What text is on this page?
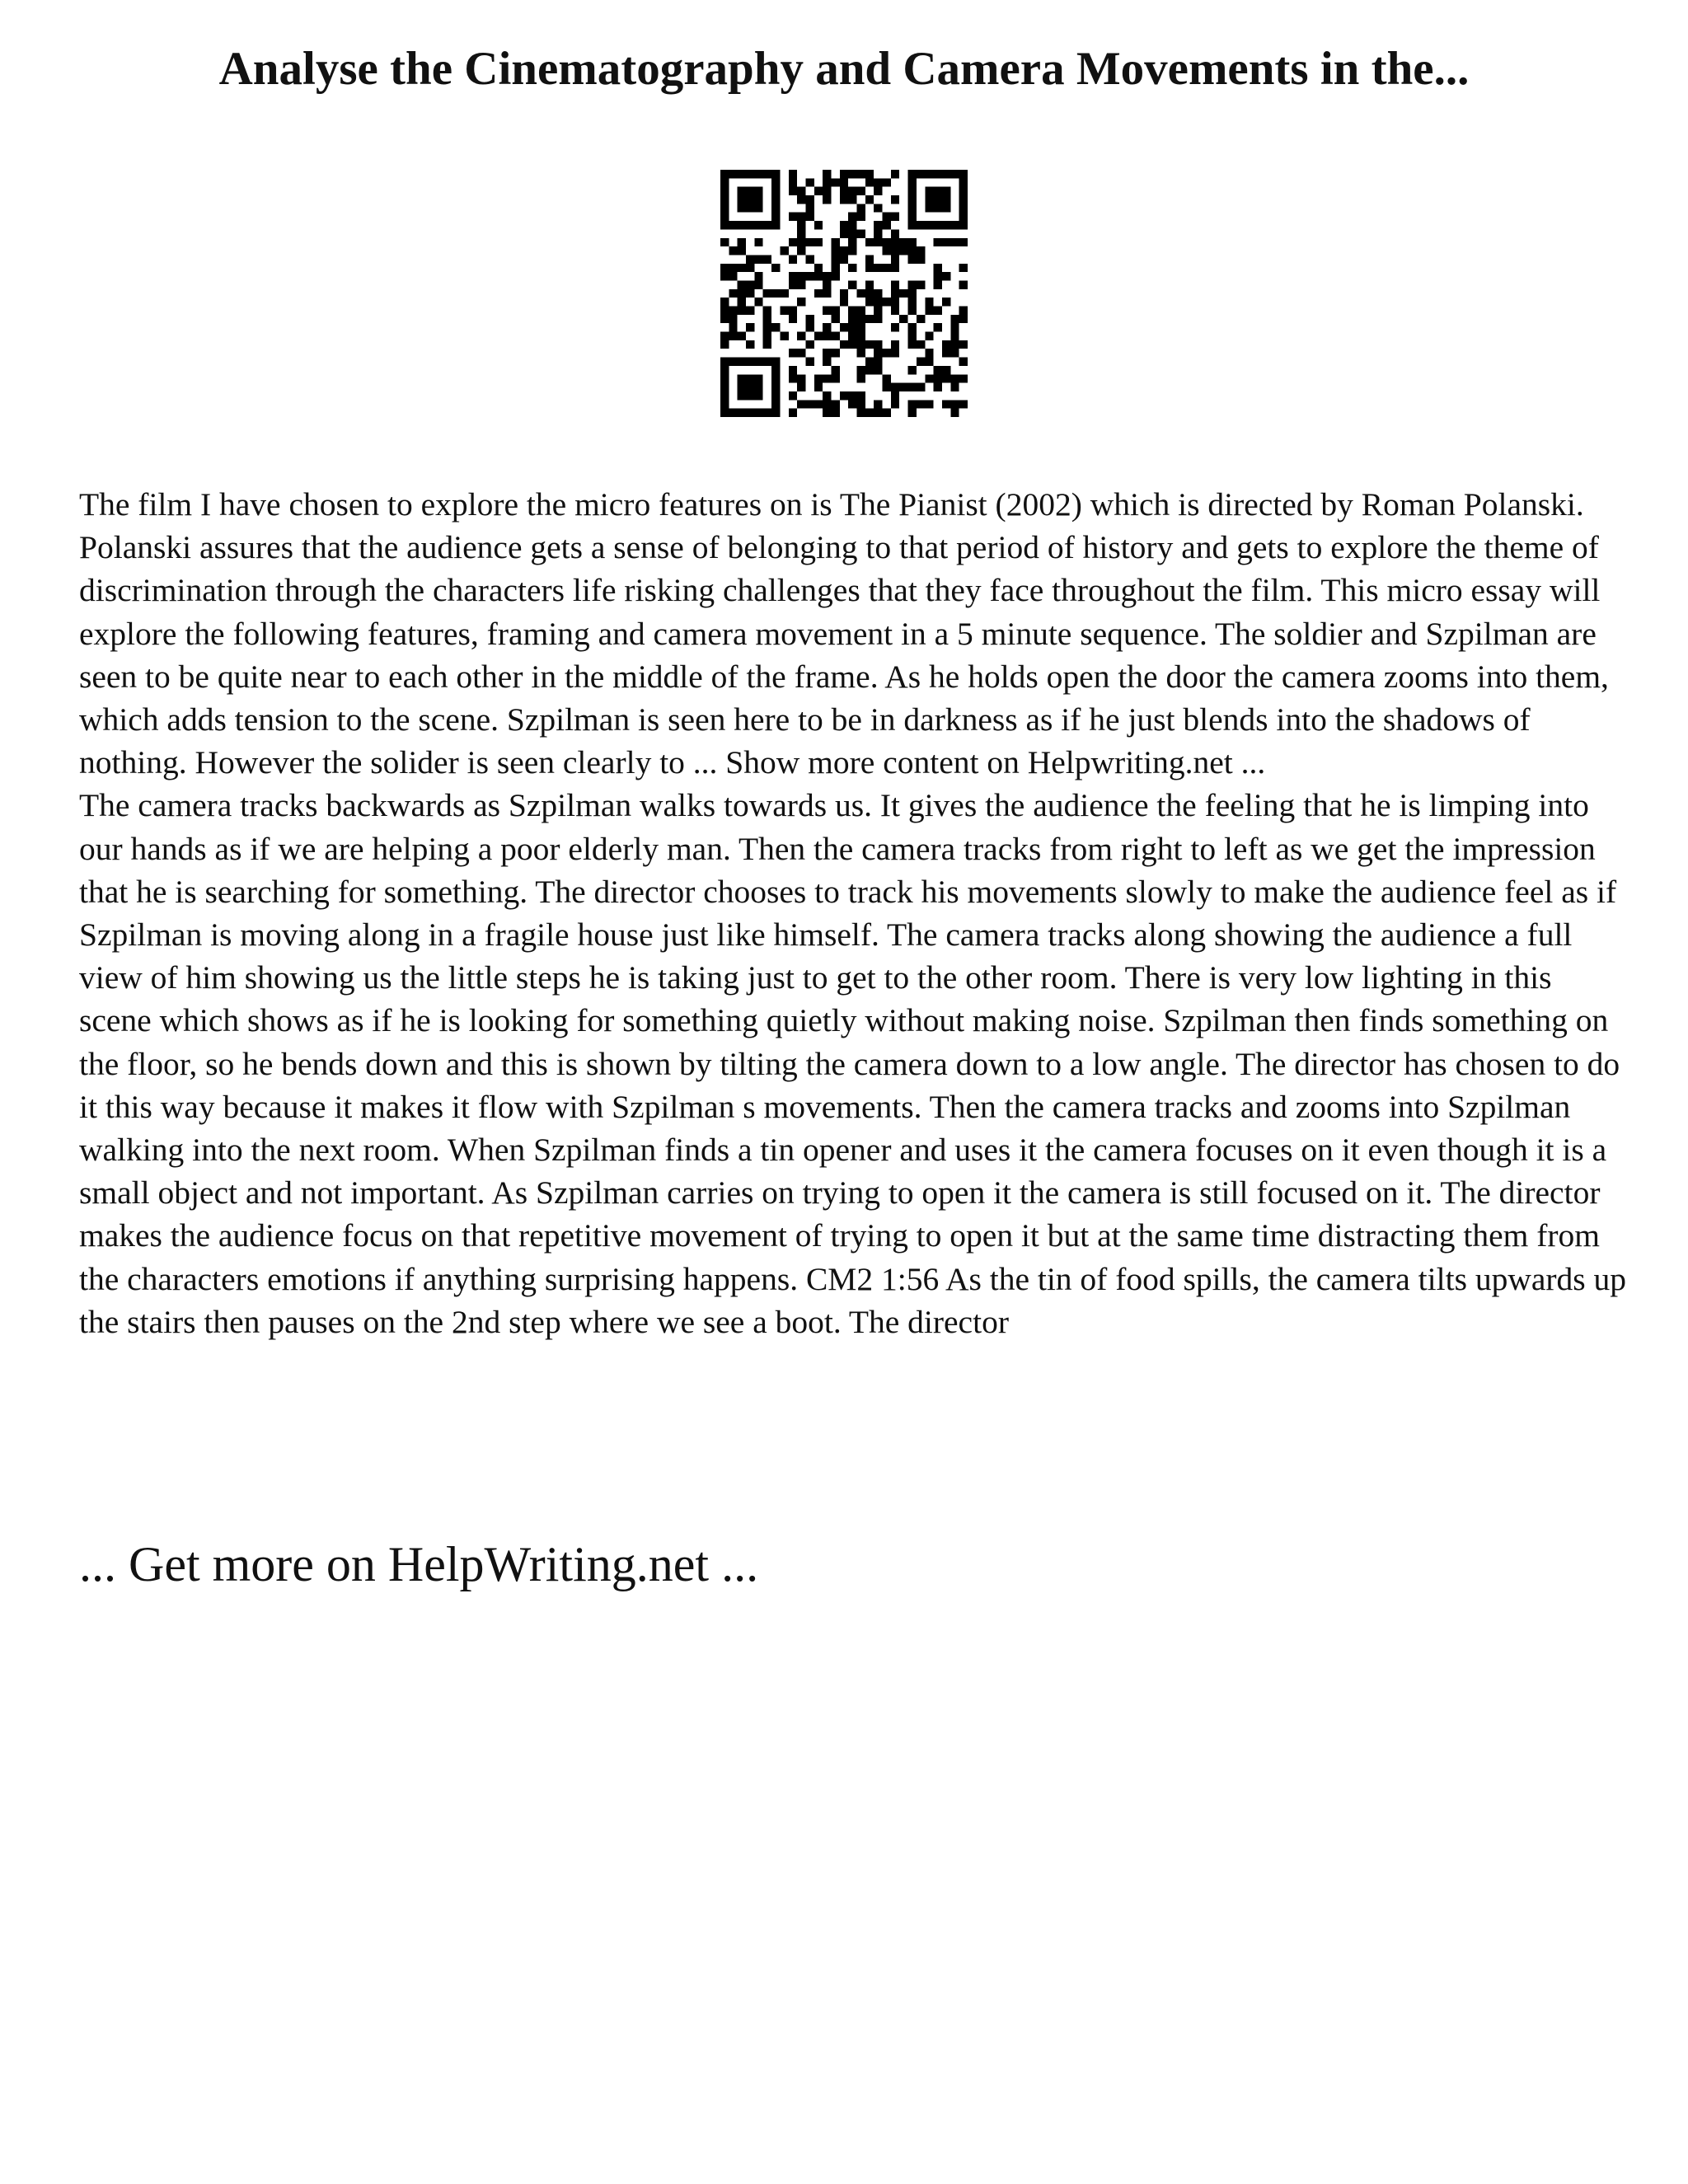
Analyse the Cinematography and Camera Movements in the...

The film I have chosen to explore the micro features on is The Pianist (2002) which is directed by Roman Polanski. Polanski assures that the audience gets a sense of belonging to that period of history and gets to explore the theme of discrimination through the characters life risking challenges that they face throughout the film. This micro essay will explore the following features, framing and camera movement in a 5 minute sequence. The soldier and Szpilman are seen to be quite near to each other in the middle of the frame. As he holds open the door the camera zooms into them, which adds tension to the scene. Szpilman is seen here to be in darkness as if he just blends into the shadows of nothing. However the solider is seen clearly to ... Show more content on Helpwriting.net ...

The camera tracks backwards as Szpilman walks towards us. It gives the audience the feeling that he is limping into our hands as if we are helping a poor elderly man. Then the camera tracks from right to left as we get the impression that he is searching for something. The director chooses to track his movements slowly to make the audience feel as if Szpilman is moving along in a fragile house just like himself. The camera tracks along showing the audience a full view of him showing us the little steps he is taking just to get to the other room. There is very low lighting in this scene which shows as if he is looking for something quietly without making noise. Szpilman then finds something on the floor, so he bends down and this is shown by tilting the camera down to a low angle. The director has chosen to do it this way because it makes it flow with Szpilman s movements. Then the camera tracks and zooms into Szpilman walking into the next room. When Szpilman finds a tin opener and uses it the camera focuses on it even though it is a small object and not important. As Szpilman carries on trying to open it the camera is still focused on it. The director makes the audience focus on that repetitive movement of trying to open it but at the same time distracting them from the characters emotions if anything surprising happens. CM2 1:56 As the tin of food spills, the camera tilts upwards up the stairs then pauses on the 2nd step where we see a boot. The director

... Get more on HelpWriting.net ...
